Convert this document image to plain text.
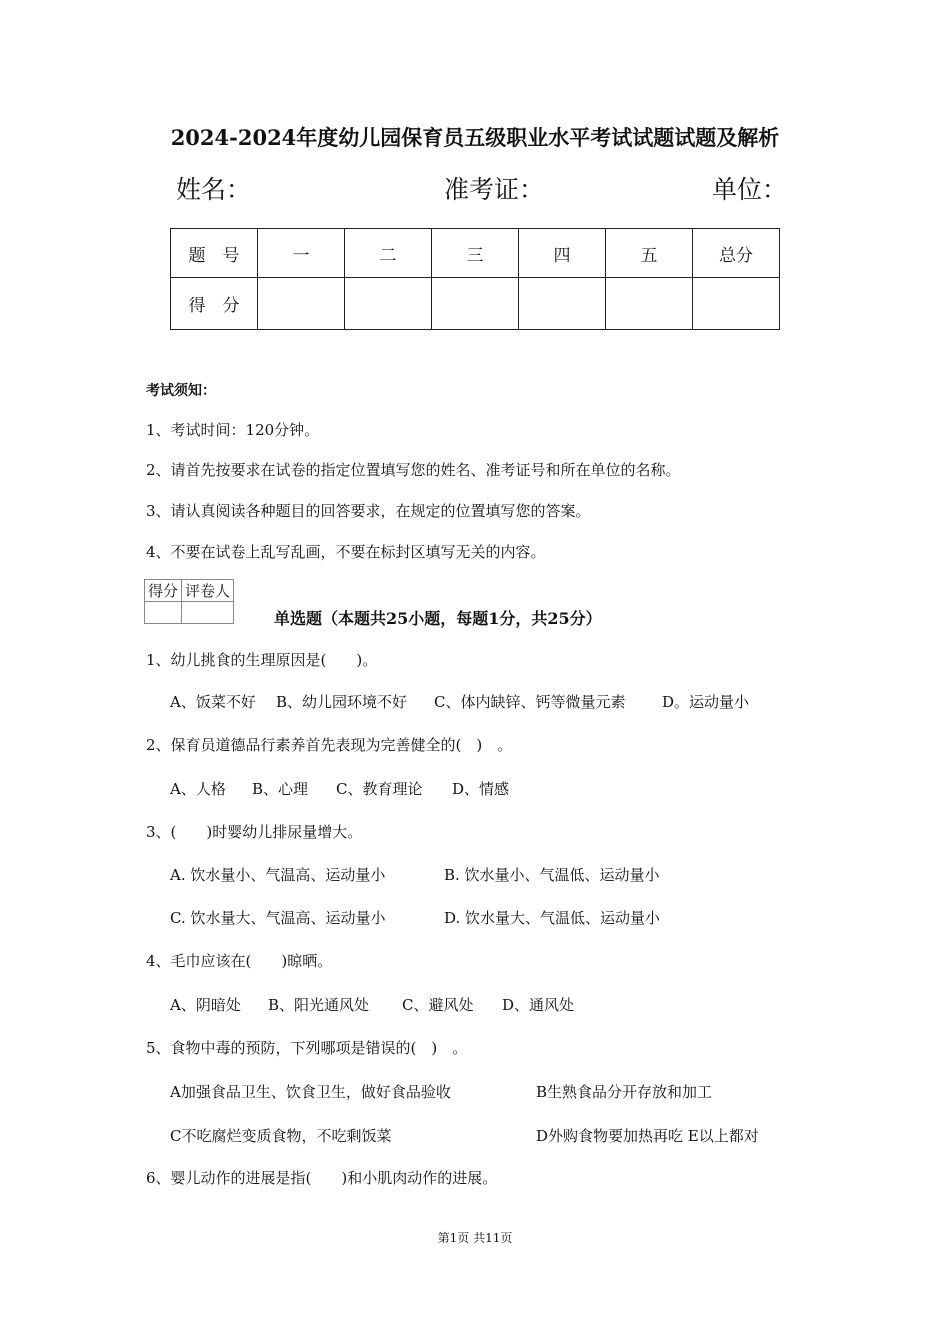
2024-2024年度幼儿园保育员五级职业水平考试试题试题及解析
姓名：	准考证：	单位：
题　号	一	二	三	四	五	总分
得　分						
考试须知：
1、考试时间：120分钟。
2、请首先按要求在试卷的指定位置填写您的姓名、准考证号和所在单位的名称。
3、请认真阅读各种题目的回答要求，在规定的位置填写您的答案。
4、不要在试卷上乱写乱画，不要在标封区填写无关的内容。
得分	评卷人

单选题（本题共25小题，每题1分，共25分）
1、幼儿挑食的生理原因是(　　)。
A、饭菜不好 B、幼儿园环境不好 C、体内缺锌、钙等微量元素 D。运动量小
2、保育员道德品行素养首先表现为完善健全的(　)　。
A、人格 B、心理 C、教育理论 D、情感
3、(　　)时婴幼儿排尿量增大。
A. 饮水量小、气温高、运动量小	B. 饮水量小、气温低、运动量小
C. 饮水量大、气温高、运动量小	D. 饮水量大、气温低、运动量小
4、毛巾应该在(　　)晾晒。
A、阴暗处 B、阳光通风处 C、避风处 D、通风处
5、食物中毒的预防，下列哪项是错误的(　)　。
A加强食品卫生、饮食卫生，做好食品验收	B生熟食品分开存放和加工
C不吃腐烂变质食物，不吃剩饭菜	D外购食物要加热再吃 E以上都对
6、婴儿动作的进展是指(　　)和小肌肉动作的进展。
第1页 共11页
